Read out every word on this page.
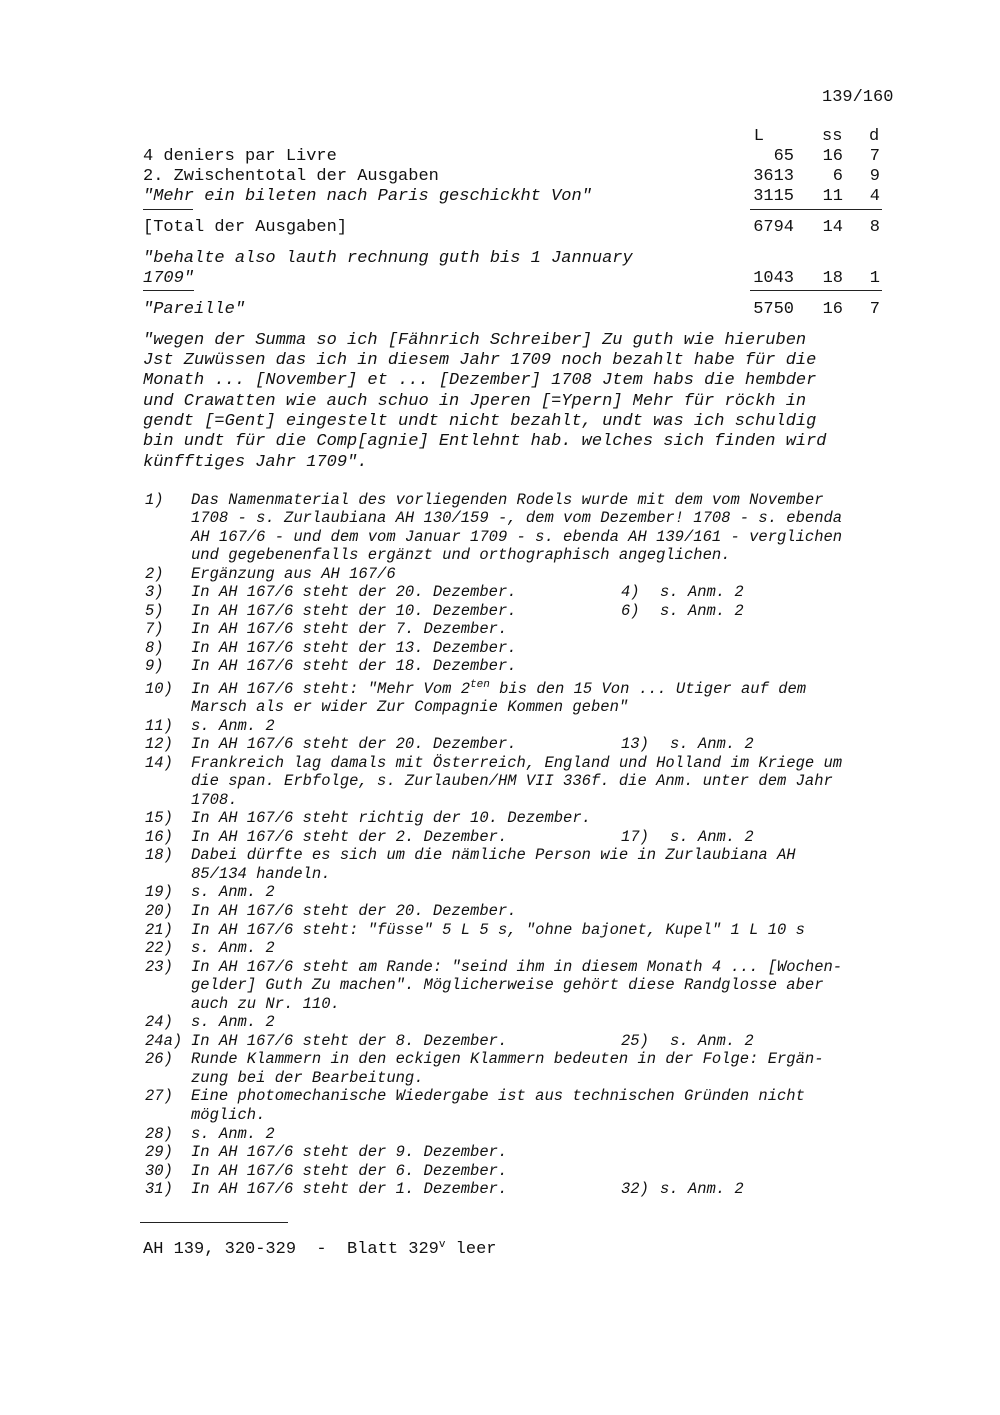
139/160
L	ss d
4 deniers par Livre	65	16	7
2. Zwischentotal der Ausgaben	3613	6	9
"Mehr ein bileten nach Paris geschickht Von"	3115	11	4
[Total der Ausgaben]	6794	14	8
"behalte also lauth rechnung guth bis 1 Jannuary
1709"	1043	18	1
"Pareille"	5750	16	7
"wegen der Summa so ich [Fähnrich Schreiber] Zu guth wie hieruben
Jst Zuwüssen das ich in diesem Jahr 1709 noch bezahlt habe für die
Monath ... [November] et ... [Dezember] 1708 Jtem habs die hembder
und Crawatten wie auch schuo in Jperen [=Ypern] Mehr für röckh in
gendt [=Gent] eingestelt undt nicht bezahlt, undt was ich schuldig
bin undt für die Comp[agnie] Entlehnt hab. welches sich finden wird
künfftiges Jahr 1709".
1)	Das Namenmaterial des vorliegenden Rodels wurde mit dem vom November
1708 - s. Zurlaubiana AH 130/159 -, dem vom Dezember! 1708 - s. ebenda
AH 167/6 - und dem vom Januar 1709 - s. ebenda AH 139/161 - verglichen
und gegebenenfalls ergänzt und orthographisch angeglichen.
2)	Ergänzung aus AH 167/6
3)	In AH 167/6 steht der 20. Dezember.	4)	s. Anm. 2
5)	In AH 167/6 steht der 10. Dezember.	6)	s. Anm. 2
7)	In AH 167/6 steht der 7. Dezember.
8)	In AH 167/6 steht der 13. Dezember.
9)	In AH 167/6 steht der 18. Dezember.
10)	In AH 167/6 steht: "Mehr Vom $2^{ten}$ bis den 15 Von ... Utiger auf dem
Marsch als er wider Zur Compagnie Kommen geben"
11)	s. Anm. 2
12)	In AH 167/6 steht der 20. Dezember.	13)	s. Anm. 2
14)	Frankreich lag damals mit Österreich, England und Holland im Kriege um
die span. Erbfolge, s. Zurlauben/HM VII 336f. die Anm. unter dem Jahr
1708.
15)	In AH 167/6 steht richtig der 10. Dezember.
16)	In AH 167/6 steht der 2. Dezember.	17)	s. Anm. 2
18)	Dabei dürfte es sich um die nämliche Person wie in Zurlaubiana AH
85/134 handeln.
19)	s. Anm. 2
20)	In AH 167/6 steht der 20. Dezember.
21)	In AH 167/6 steht: "füsse" 5 L 5 s, "ohne bajonet, Kupel" 1 L 10 s
22)	s. Anm. 2
23)	In AH 167/6 steht am Rande: "seind ihm in diesem Monath 4 ... [Wochen-
gelder] Guth Zu machen". Möglicherweise gehört diese Randglosse aber
auch zu Nr. 110.
24)	s. Anm. 2
24a) In AH 167/6 steht der 8. Dezember.	25)	s. Anm. 2
26)	Runde Klammern in den eckigen Klammern bedeuten in der Folge: Ergän-
zung bei der Bearbeitung.
27)	Eine photomechanische Wiedergabe ist aus technischen Gründen nicht
möglich.
28)	s. Anm. 2
29)	In AH 167/6 steht der 9. Dezember.
30)	In AH 167/6 steht der 6. Dezember.
31)	In AH 167/6 steht der 1. Dezember.	32) s. Anm. 2
AH 139, 320-329  -  Blatt 329$^v$ leer
